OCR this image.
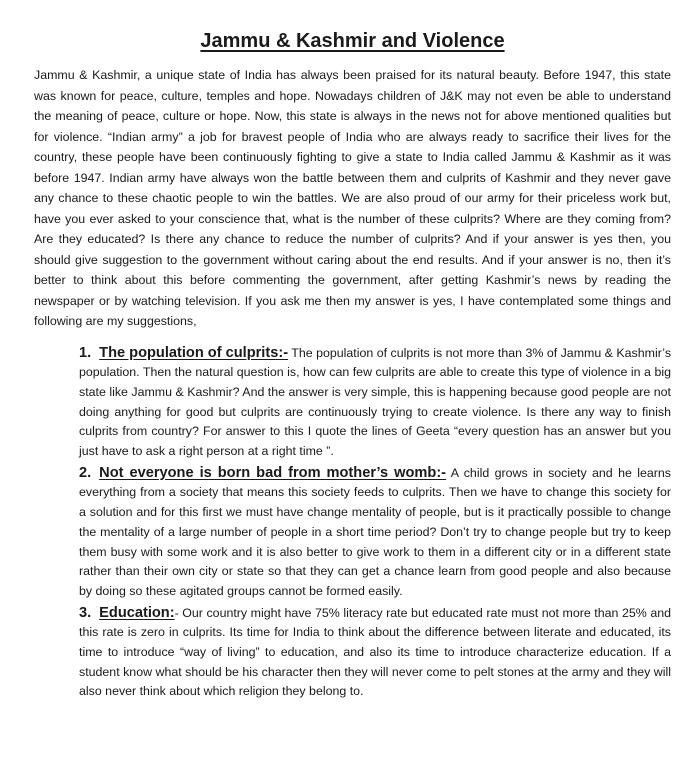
Jammu & Kashmir and Violence

Jammu & Kashmir, a unique state of India has always been praised for its natural beauty. Before 1947, this state was known for peace, culture, temples and hope. Nowadays children of J&K may not even be able to understand the meaning of peace, culture or hope. Now, this state is always in the news not for above mentioned qualities but for violence. “Indian army” a job for bravest people of India who are always ready to sacrifice their lives for the country, these people have been continuously fighting to give a state to India called Jammu & Kashmir as it was before 1947. Indian army have always won the battle between them and culprits of Kashmir and they never gave any chance to these chaotic people to win the battles. We are also proud of our army for their priceless work but, have you ever asked to your conscience that, what is the number of these culprits? Where are they coming from? Are they educated? Is there any chance to reduce the number of culprits? And if your answer is yes then, you should give suggestion to the government without caring about the end results. And if your answer is no, then it’s better to think about this before commenting the government, after getting Kashmir’s news by reading the newspaper or by watching television. If you ask me then my answer is yes, I have contemplated some things and following are my suggestions,

1. The population of culprits:- The population of culprits is not more than 3% of Jammu & Kashmir’s population. Then the natural question is, how can few culprits are able to create this type of violence in a big state like Jammu & Kashmir? And the answer is very simple, this is happening because good people are not doing anything for good but culprits are continuously trying to create violence. Is there any way to finish culprits from country? For answer to this I quote the lines of Geeta “every question has an answer but you just have to ask a right person at a right time ”.
2. Not everyone is born bad from mother’s womb:- A child grows in society and he learns everything from a society that means this society feeds to culprits. Then we have to change this society for a solution and for this first we must have change mentality of people, but is it practically possible to change the mentality of a large number of people in a short time period? Don’t try to change people but try to keep them busy with some work and it is also better to give work to them in a different city or in a different state rather than their own city or state so that they can get a chance learn from good people and also because by doing so these agitated groups cannot be formed easily.
3. Education:- Our country might have 75% literacy rate but educated rate must not more than 25% and this rate is zero in culprits. Its time for India to think about the difference between literate and educated, its time to introduce “way of living” to education, and also its time to introduce characterize education. If a student know what should be his character then they will never come to pelt stones at the army and they will also never think about which religion they belong to.
